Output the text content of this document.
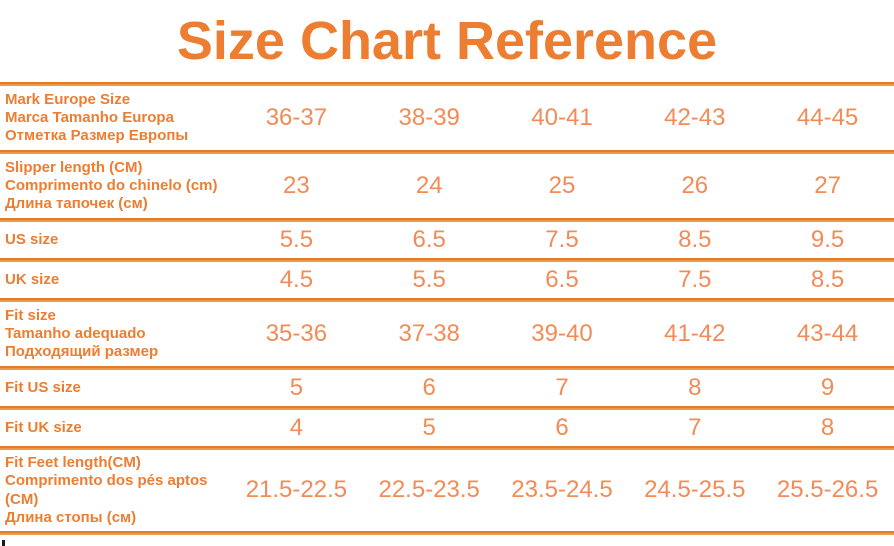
Size Chart Reference
Mark Europe Size
Marca Tamanho Europa
Отметка Размер Европы
36-37	38-39	40-41	42-43	44-45
Slipper length (CM)
Comprimento do chinelo (cm)
Длина тапочек (см)
23	24	25	26	27
US size	5.5	6.5	7.5	8.5	9.5
UK size	4.5	5.5	6.5	7.5	8.5
Fit size
Tamanho adequado
Подходящий размер
35-36	37-38	39-40	41-42	43-44
Fit US size	5	6	7	8	9
Fit UK size	4	5	6	7	8
Fit Feet length(CM)
Comprimento dos pés aptos (CM)
Длина стопы (см)
21.5-22.5	22.5-23.5	23.5-24.5	24.5-25.5	25.5-26.5
